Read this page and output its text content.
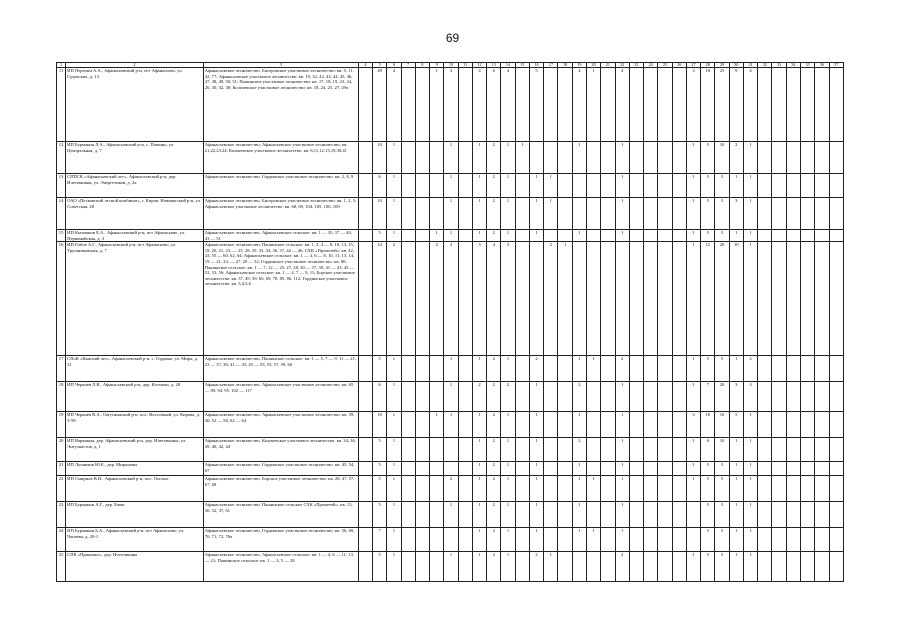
69
1	2	3	4	5	6	7	8	9	10	11	12	13	14	15	16	17	18	19	20	21	22	23	24	25	26	27	28	29	30	31	32	33	34	35	36	37
11	ИП Перехин А.А., Афанасьевский р-н, пгт Афанасьево, ул. Гудовских, д. 13	Афанасьевское лесничество, Бисеровское участковое лесничество: кв. 5, 11, 42, 77; Афанасьевское участковое лесничество: кв. 10, 32, 42, 43, 44, 45, 46, 47, 48, 49, 50, 51; Пашинское участковое лесничество: кв. 17, 18, 19, 23, 24, 26, 30, 32, 38; Кольчевское участковое лесничество: кв. 18, 24, 25, 27, 29ч		49	4			1	3		4	6	4		5			4	1		4					3	18	25	9	4						
12	ИП Бурмакин Л.А., Афанасьевский р-н, с. Пашино, ул. Центральная, д. 7	Афанасьевское лесничество, Афанасьевское участковое лесничество: кв. 21,22,23,24; Кольчевское участковое лесничество: кв. 6,11,12,13,19,30,41		10	1				1		1	2	1	1				1			1					1	5	10	2	1						
13	СППСК «Афанасьевский лес», Афанасьевский р-н, дер. Ичетовкины, ул. Энергетиков, д. 2а	Афанасьевское лесничество, Гординское участковое лесничество: кв. 2, 8, 9		6	1				1		1	2	1		1	1					1					1	5	5	1	1						
14	ОАО «Песковский лесной комбинат», г. Киров, Нововятский р-н, ул. Советская, 28	Афанасьевское лесничество, Бисеровское участковое лесничество: кв. 1, 2, 5; Афанасьевское участковое лесничество: кв. 68, 69, 104, 105, 106, 109		10	1				1		1	2	1		1	1					1					1	5	5	3	1						
15	ИП Кытманов Е.А., Афанасьевский р-н, пгт Афанасьево, ул. Первомайская, д. 3	Афанасьевское лесничество, Афанасьевское сельское: кв. 1 — 35, 37 — 40, 43 — 51		5	1			1	1		1	2	1		1			1			1					1	5	5	1	1						
16	ИП Гибов А.Г., Афанасьевский р-н, пгт Афанасьево, ул. Трушниковская, д. 7	Афанасьевское лесничество, Пашинское сельское: кв. 1, 2, 4 — 8, 10, 13, 15, 18, 20, 21, 23, — 25, 28, 29, 33, 34, 36, 37, 42 — 46, СХК «Прометей»: кв. 42, 43, 55 — 60, 62, 64, Афанасьевское сельское: кв. 1 — 4, 6 — 8, 10, 11, 13, 14, 19 — 21, 23, — 27, 29 — 32, Гординское участковое лесничество: кв. 80; Пашинское сельское: кв. 1 — 7, 12 — 25, 27, 28, 30 — 37, 39, 41 — 43, 45 — 52, 53, 56; Афанасьевское сельское: кв. 1 — 4, 7 — 9, 11; Борское участковое лесничество: кв. 37, 49, 58, 66, 69, 70, 85, 86, 112; Гординское участковое лесничество: кв. 3,4,5,6		14	2			2	3		3	4	3			2	1									1	12	20	10	1						
17	СПоК «Камский лес», Афанасьевский р-н, с. Гордино, ул. Мира, д. 31	Афанасьевское лесничество, Пашинское сельское: кв. 1 — 5, 7 — 9, 11 — 21, 23 — 37, 39, 41 — 43, 45 — 55, 55, 57, 59, 60		5	1				1		1	2	1		2			1	1		2					1	5	5	1	2						
18	ИП Черанёв Л.В., Афанасьевский р-н, дер. Космачи, д. 28	Афанасьевское лесничество, Афанасьевское участковое лесничество: кв. 65 — 89, 94, 95, 102 — 117		6	1				1		2	2	2		1			2			1					1	7	20	3	3						
19	ИП Черанёв В.А., Омутнинский р-н, пос. Восточный, ул. Кирова, д. 3-58	Афанасьевское лесничество, Афанасьевское участковое лесничество: кв. 39, 40, 52 — 58, 62 — 64		10	1			1	1		1	2	1		1			1			1					3	10	10	5	1						
20	ИП Варанкин, дер. Афанасьевский р-н, дер. Ичетовкины, ул. Энтузиастов, д. 1	Афанасьевское лесничество, Кольчевское участковое лесничество: кв. 34, 36, 39, 40, 42, 44		5	1						1	2	1		1			2			1					1	6	10	1	1						
21	ИП Лучников Ю.Е., дер. Мироновы	Афанасьевское лесничество, Гординское участковое лесничество: кв. 45, 54, 67		5	1						1	2	1		1			1			1					1	5	5	1	1						
22	ИП Смирнов В.Н., Афанасьевский р-н, пос. Ооглые	Афанасьевское лесничество, Борское участковое лесничество: кв. 28, 47, 57, 67, 68		5	1				2		1	2	1		1			1	1		1					1	5	5	1	1						
23	ИП Бурмакин А.Г., дер. Ежва	Афанасьевское лесничество, Пашинское сельское СХК «Прометей»: кв. 13, 30, 32, 37, 61		5	1				1		1	2	1		1			1			1						5	5	1	1						
24	ИП Бурмакин Б.А., Афанасьевский р-н, пгт Афанасьево, ул. Чапаева, д. 20-1	Афанасьевское лесничество, Гординское участковое лесничество: кв. 56, 69, 70, 71, 72, 76ч		7	1						1	2	1		1			1	1		1						5	5	1	1						
25	СПК «Прикамье», дер. Ичетовкины	Афанасьевское лесничество, Афанасьевское сельское: кв. 1 — 4, 6 — 11, 13 — 21; Пашинское сельское: кв. 1 — 3, 5 — 28		5	1				1		1	2	1		2	1					2					1	5	5	1	1						
